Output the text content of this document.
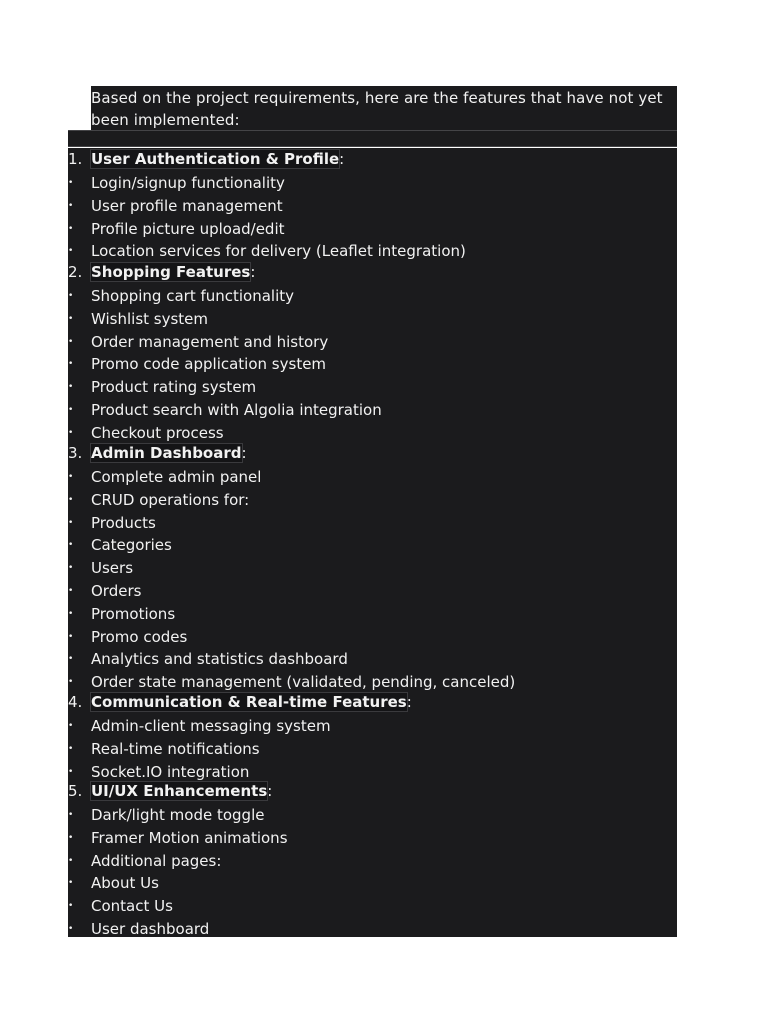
Based on the project requirements, here are the features that have not yet been implemented:

1. User Authentication & Profile:
• Login/signup functionality
• User profile management
• Profile picture upload/edit
• Location services for delivery (Leaflet integration)
2. Shopping Features:
• Shopping cart functionality
• Wishlist system
• Order management and history
• Promo code application system
• Product rating system
• Product search with Algolia integration
• Checkout process
3. Admin Dashboard:
• Complete admin panel
• CRUD operations for:
• Products
• Categories
• Users
• Orders
• Promotions
• Promo codes
• Analytics and statistics dashboard
• Order state management (validated, pending, canceled)
4. Communication & Real-time Features:
• Admin-client messaging system
• Real-time notifications
• Socket.IO integration
5. UI/UX Enhancements:
• Dark/light mode toggle
• Framer Motion animations
• Additional pages:
• About Us
• Contact Us
• User dashboard
